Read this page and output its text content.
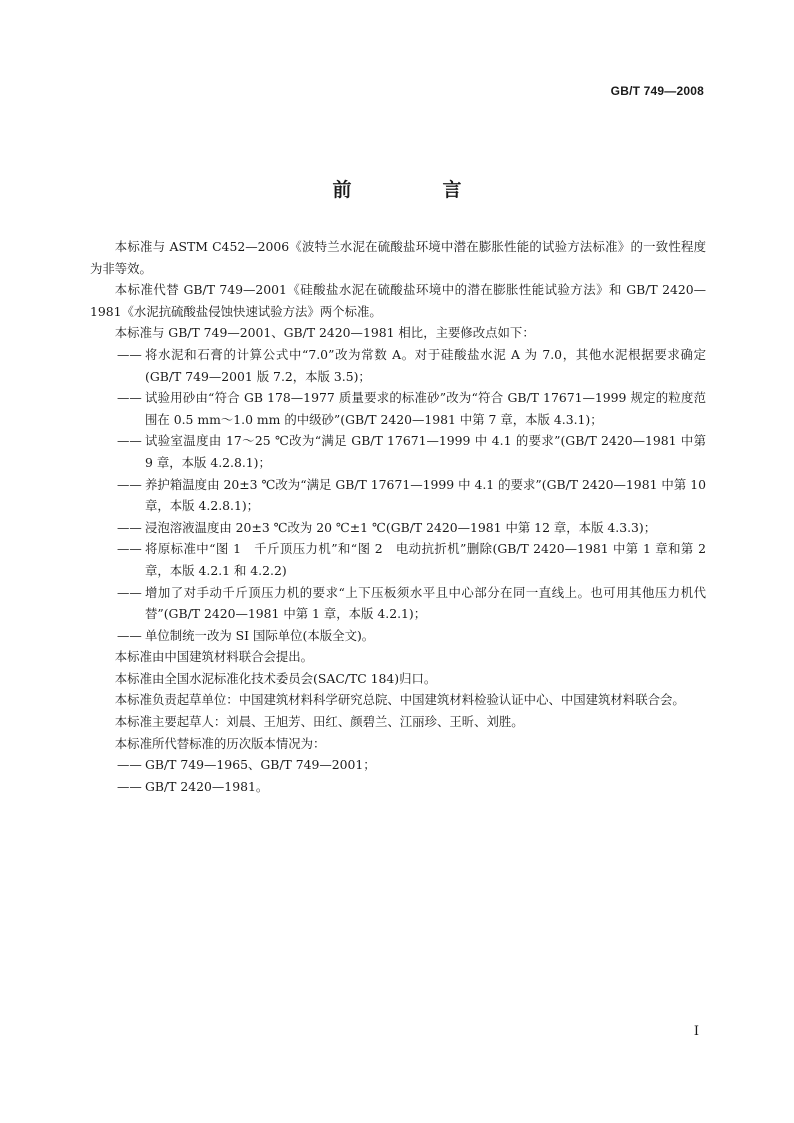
GB/T 749—2008
前　言

本标准与 ASTM C452—2006《波特兰水泥在硫酸盐环境中潜在膨胀性能的试验方法标准》的一致性程度为非等效。

本标准代替 GB/T 749—2001《硅酸盐水泥在硫酸盐环境中的潜在膨胀性能试验方法》和 GB/T 2420—1981《水泥抗硫酸盐侵蚀快速试验方法》两个标准。

本标准与 GB/T 749—2001、GB/T 2420—1981 相比，主要修改点如下：

—— 将水泥和石膏的计算公式中“7.0”改为常数 A。对于硅酸盐水泥 A 为 7.0，其他水泥根据要求确定(GB/T 749—2001 版 7.2，本版 3.5)；

—— 试验用砂由“符合 GB 178—1977 质量要求的标准砂”改为“符合 GB/T 17671—1999 规定的粒度范围在 0.5 mm～1.0 mm 的中级砂”(GB/T 2420—1981 中第 7 章，本版 4.3.1)；

—— 试验室温度由 17～25 ℃改为“满足 GB/T 17671—1999 中 4.1 的要求”(GB/T 2420—1981 中第 9 章，本版 4.2.8.1)；

—— 养护箱温度由 20±3 ℃改为“满足 GB/T 17671—1999 中 4.1 的要求”(GB/T 2420—1981 中第 10 章，本版 4.2.8.1)；

—— 浸泡溶液温度由 20±3 ℃改为 20 ℃±1 ℃(GB/T 2420—1981 中第 12 章，本版 4.3.3)；

—— 将原标准中“图 1　千斤顶压力机”和“图 2　电动抗折机”删除(GB/T 2420—1981 中第 1 章和第 2 章，本版 4.2.1 和 4.2.2)

—— 增加了对手动千斤顶压力机的要求“上下压板须水平且中心部分在同一直线上。也可用其他压力机代替”(GB/T 2420—1981 中第 1 章，本版 4.2.1)；

—— 单位制统一改为 SI 国际单位(本版全文)。

本标准由中国建筑材料联合会提出。

本标准由全国水泥标准化技术委员会(SAC/TC 184)归口。

本标准负责起草单位：中国建筑材料科学研究总院、中国建筑材料检验认证中心、中国建筑材料联合会。

本标准主要起草人：刘晨、王旭芳、田红、颜碧兰、江丽珍、王昕、刘胜。

本标准所代替标准的历次版本情况为：

—— GB/T 749—1965、GB/T 749—2001；

—— GB/T 2420—1981。

I
